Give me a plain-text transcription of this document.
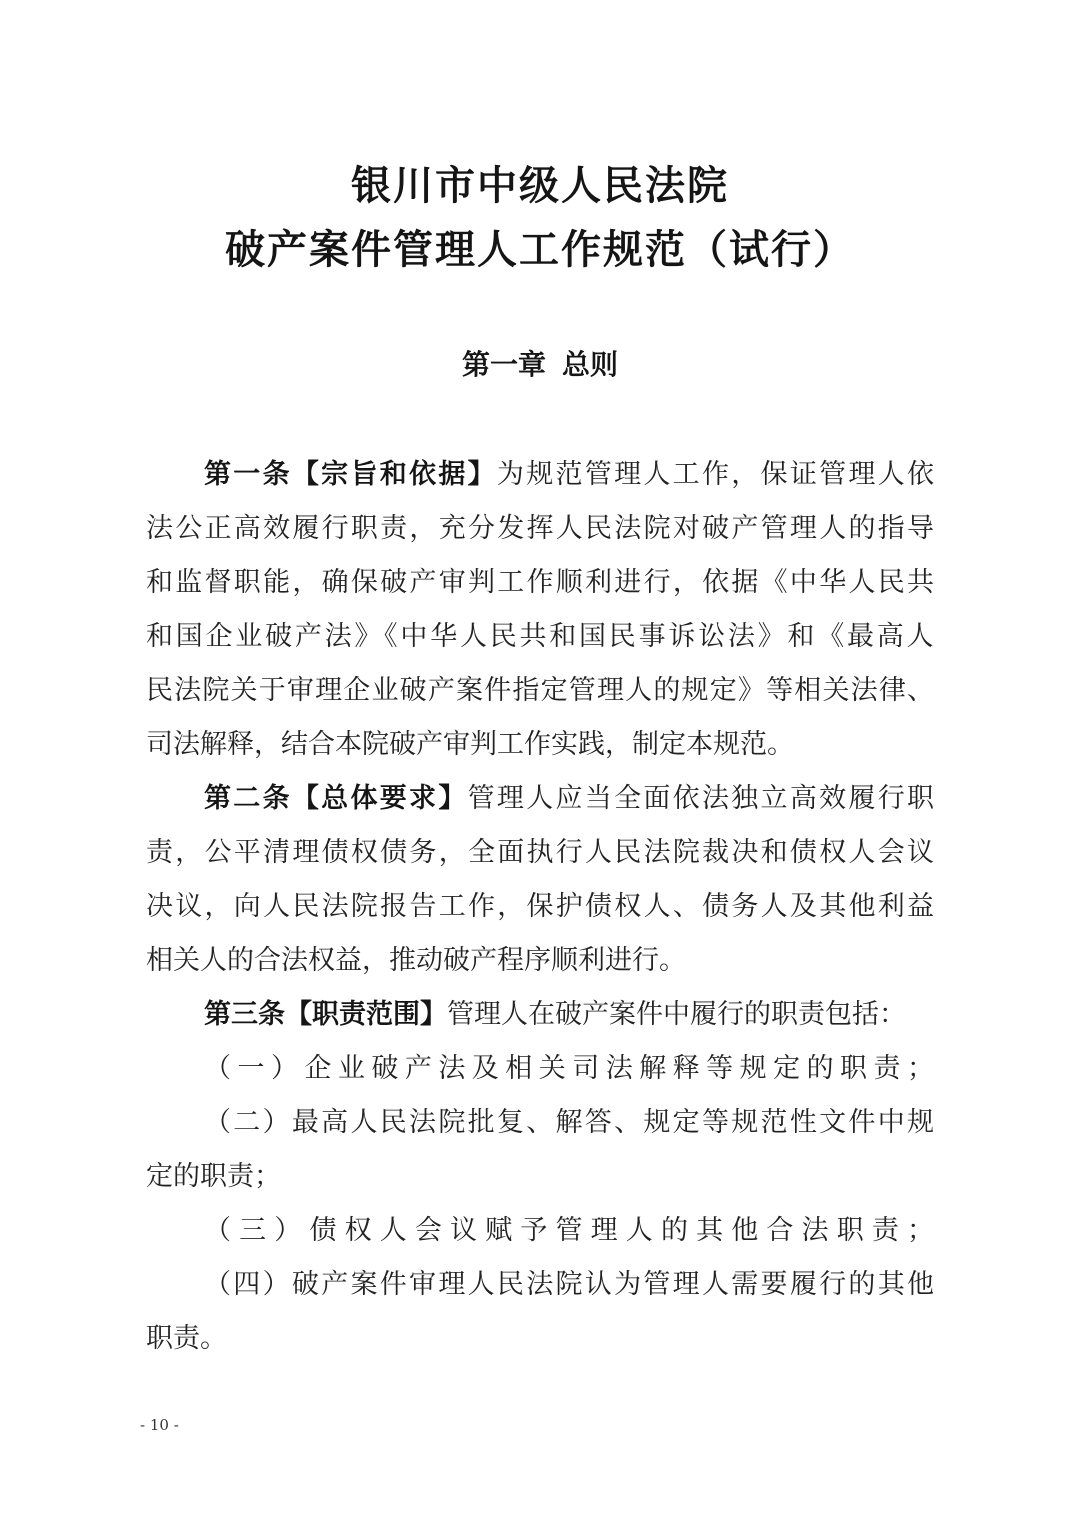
银川市中级人民法院
破产案件管理人工作规范（试行）
第一章 总则
第一条【宗旨和依据】为规范管理人工作，保证管理人依
法公正高效履行职责，充分发挥人民法院对破产管理人的指导
和监督职能，确保破产审判工作顺利进行，依据《中华人民共
和国企业破产法》《中华人民共和国民事诉讼法》和《最高人
民法院关于审理企业破产案件指定管理人的规定》等相关法律、
司法解释，结合本院破产审判工作实践，制定本规范。
第二条【总体要求】管理人应当全面依法独立高效履行职
责，公平清理债权债务，全面执行人民法院裁决和债权人会议
决议，向人民法院报告工作，保护债权人、债务人及其他利益
相关人的合法权益，推动破产程序顺利进行。
第三条【职责范围】管理人在破产案件中履行的职责包括：
（一）企业破产法及相关司法解释等规定的职责；
（二）最高人民法院批复、解答、规定等规范性文件中规
定的职责；
（三）债权人会议赋予管理人的其他合法职责；
（四）破产案件审理人民法院认为管理人需要履行的其他
职责。
- 10 -
